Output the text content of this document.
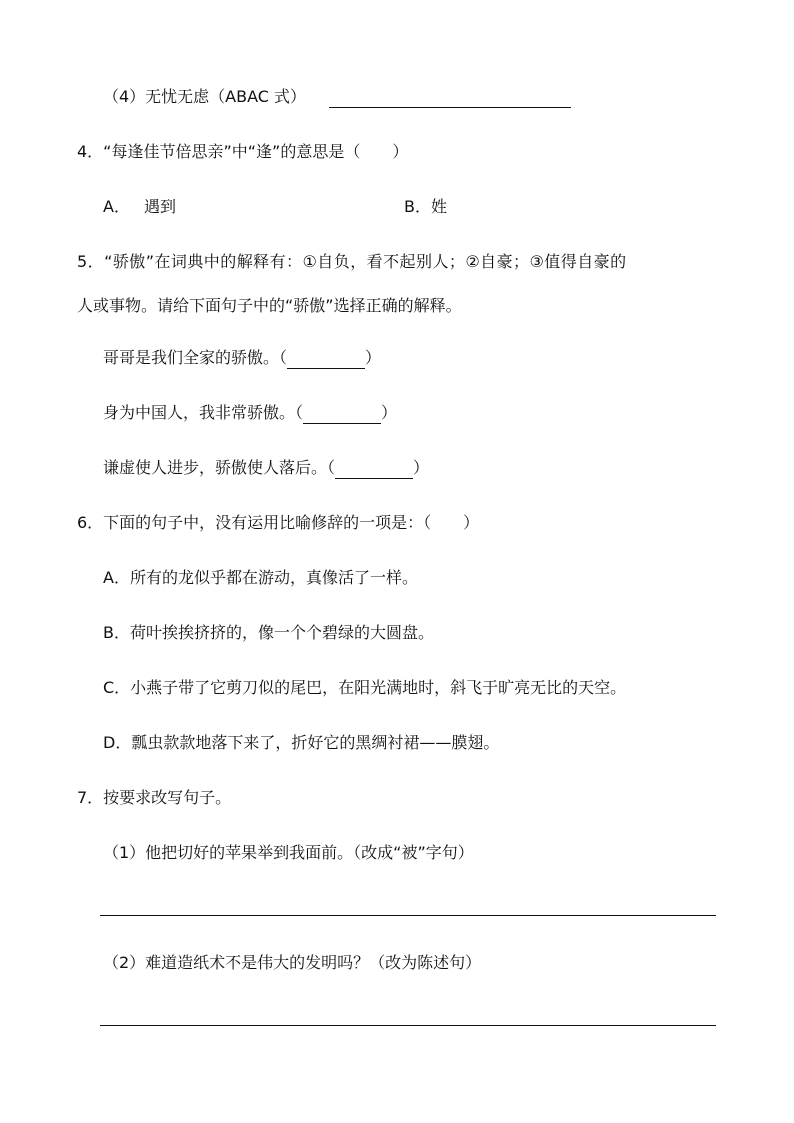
（4）无忧无虑（ABAC 式）
4．“每逢佳节倍思亲”中“逢”的意思是（　　）
A． 遇到	B．姓
5．“骄傲”在词典中的解释有：①自负，看不起别人；②自豪；③值得自豪的
人或事物。请给下面句子中的“骄傲”选择正确的解释。
哥哥是我们全家的骄傲。（	）
身为中国人，我非常骄傲。（	）
谦虚使人进步，骄傲使人落后。（	）
6．下面的句子中，没有运用比喻修辞的一项是：（　　）
A．所有的龙似乎都在游动，真像活了一样。
B．荷叶挨挨挤挤的，像一个个碧绿的大圆盘。
C．小燕子带了它剪刀似的尾巴，在阳光满地时，斜飞于旷亮无比的天空。
D．瓢虫款款地落下来了，折好它的黑绸衬裙——膜翅。
7．按要求改写句子。
（1）他把切好的苹果举到我面前。（改成“被”字句）
（2）难道造纸术不是伟大的发明吗？（改为陈述句）
